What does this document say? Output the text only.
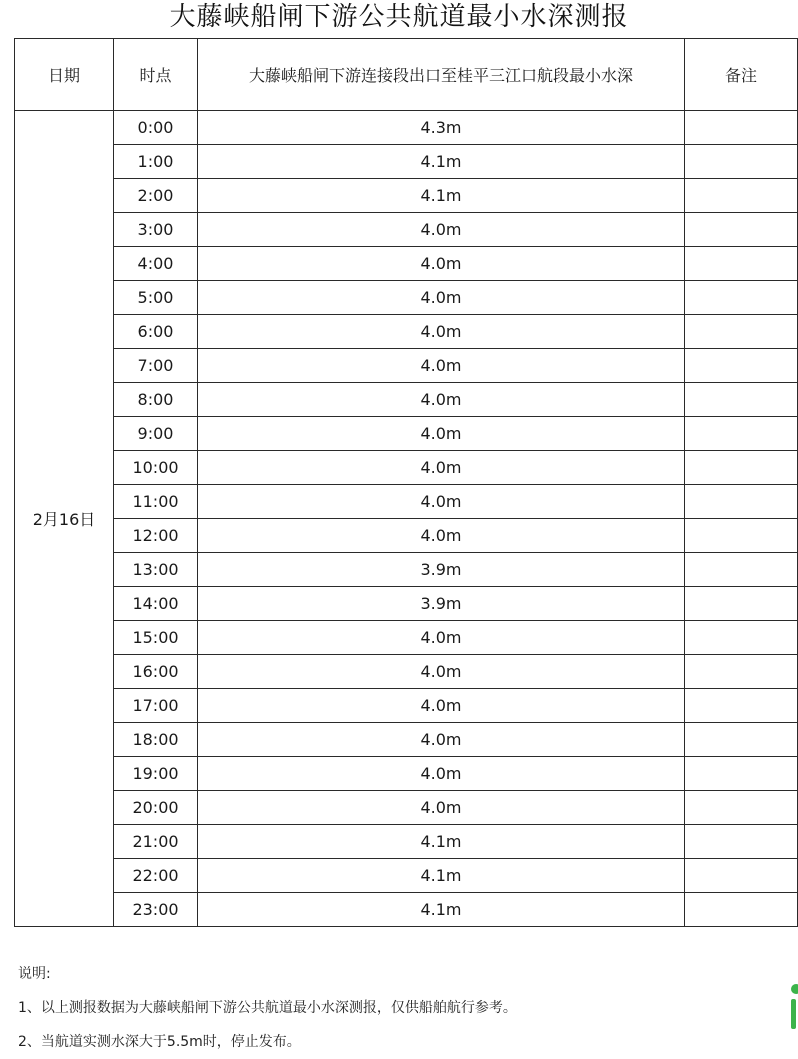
大藤峡船闸下游公共航道最小水深测报
日期	时点	大藤峡船闸下游连接段出口至桂平三江口航段最小水深	备注
2月16日	0:00	4.3m	
	1:00	4.1m	
	2:00	4.1m	
	3:00	4.0m	
	4:00	4.0m	
	5:00	4.0m	
	6:00	4.0m	
	7:00	4.0m	
	8:00	4.0m	
	9:00	4.0m	
	10:00	4.0m	
	11:00	4.0m	
	12:00	4.0m	
	13:00	3.9m	
	14:00	3.9m	
	15:00	4.0m	
	16:00	4.0m	
	17:00	4.0m	
	18:00	4.0m	
	19:00	4.0m	
	20:00	4.0m	
	21:00	4.1m	
	22:00	4.1m	
	23:00	4.1m	
说明:
1、以上测报数据为大藤峡船闸下游公共航道最小水深测报，仅供船舶航行参考。
2、当航道实测水深大于5.5m时，停止发布。
